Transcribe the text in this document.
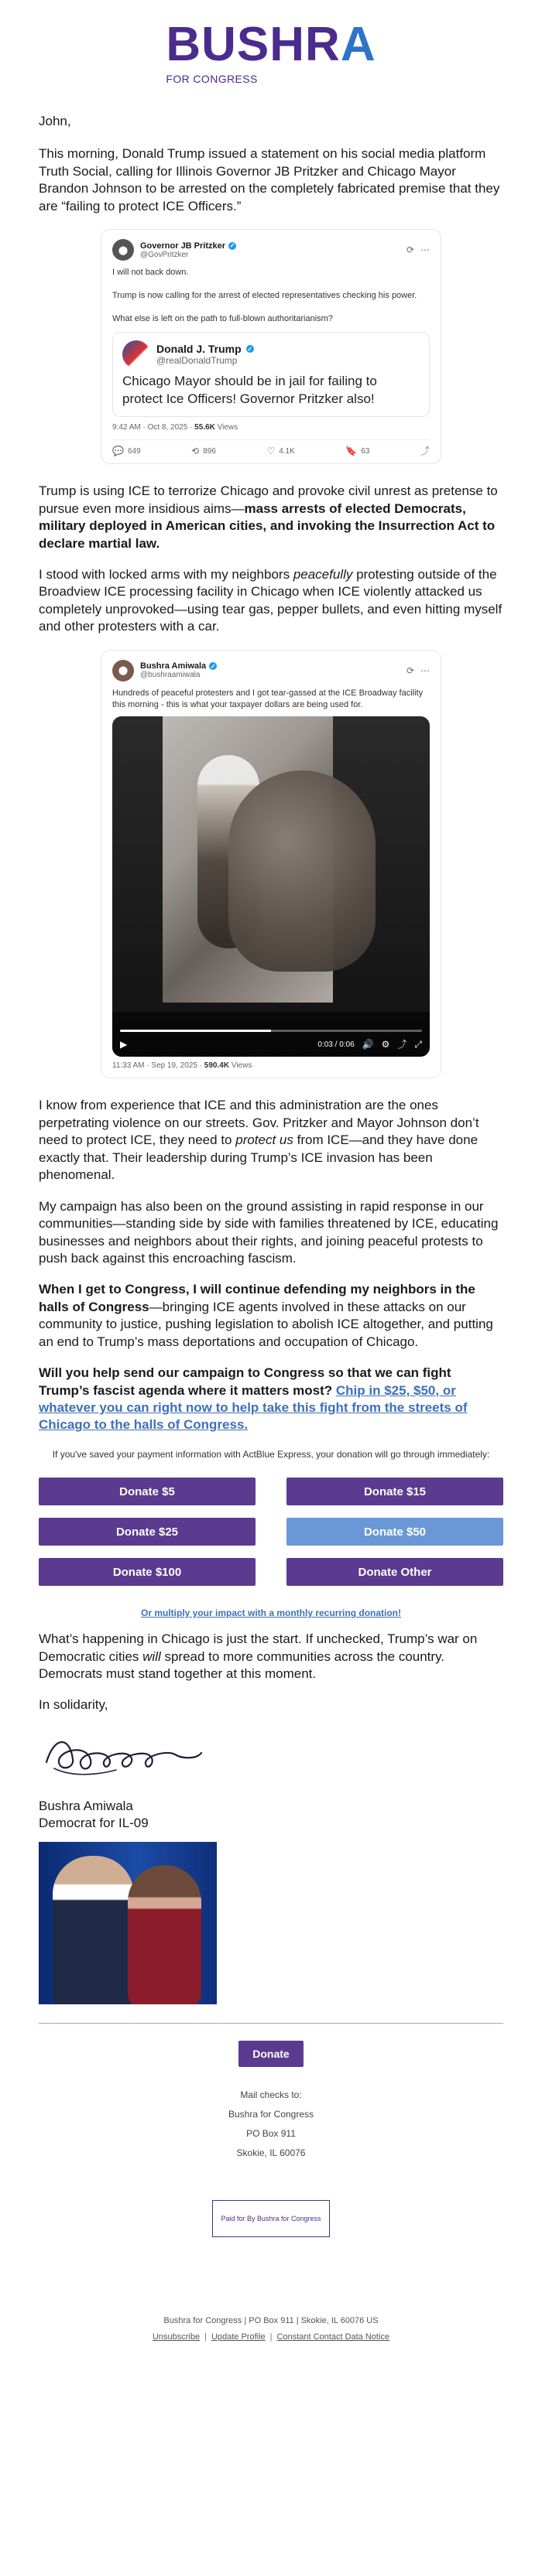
BUSHRA
FOR CONGRESS

John,

This morning, Donald Trump issued a statement on his social media platform Truth Social, calling for Illinois Governor JB Pritzker and Chicago Mayor Brandon Johnson to be arrested on the completely fabricated premise that they are “failing to protect ICE Officers.”

⬤	Governor JB Pritzker ✓
@GovPritzker	⟳ ⋯
I will not back down.

Trump is now calling for the arrest of elected representatives checking his power.

What else is left on the path to full-blown authoritarianism?
Donald J. Trump ✓
@realDonaldTrump
Chicago Mayor should be in jail for failing to protect Ice Officers! Governor Pritzker also!
9:42 AM · Oct 8, 2025 · 55.6K Views
💬 649	⟲ 896	♡ 4.1K	🔖 63	⤴

Trump is using ICE to terrorize Chicago and provoke civil unrest as pretense to pursue even more insidious aims—mass arrests of elected Democrats, military deployed in American cities, and invoking the Insurrection Act to declare martial law.

I stood with locked arms with my neighbors peacefully protesting outside of the Broadview ICE processing facility in Chicago when ICE violently attacked us completely unprovoked—using tear gas, pepper bullets, and even hitting myself and other protesters with a car.

⬤	Bushra Amiwala ✓
@bushraamiwala	⟳ ⋯
Hundreds of peaceful protesters and I got tear-gassed at the ICE Broadway facility this morning - this is what your taxpayer dollars are being used for.
▶	0:03 / 0:06 🔊 ⚙ ⤴ ⤢
11:33 AM · Sep 19, 2025 · 590.4K Views

I know from experience that ICE and this administration are the ones perpetrating violence on our streets. Gov. Pritzker and Mayor Johnson don’t need to protect ICE, they need to protect us from ICE—and they have done exactly that. Their leadership during Trump’s ICE invasion has been phenomenal.

My campaign has also been on the ground assisting in rapid response in our communities—standing side by side with families threatened by ICE, educating businesses and neighbors about their rights, and joining peaceful protests to push back against this encroaching fascism.

When I get to Congress, I will continue defending my neighbors in the halls of Congress—bringing ICE agents involved in these attacks on our community to justice, pushing legislation to abolish ICE altogether, and putting an end to Trump’s mass deportations and occupation of Chicago.

Will you help send our campaign to Congress so that we can fight Trump’s fascist agenda where it matters most? Chip in $25, $50, or whatever you can right now to help take this fight from the streets of Chicago to the halls of Congress.

If you've saved your payment information with ActBlue Express, your donation will go through immediately:
Donate $5	Donate $15
Donate $25	Donate $50
Donate $100	Donate Other
Or multiply your impact with a monthly recurring donation!

What’s happening in Chicago is just the start. If unchecked, Trump’s war on Democratic cities will spread to more communities across the country. Democrats must stand together at this moment.

In solidarity,

Bushra Amiwala
Democrat for IL-09
Donate
Mail checks to:
Bushra for Congress
PO Box 911
Skokie, IL 60076
Paid for By Bushra for Congress
Bushra for Congress | PO Box 911 | Skokie, IL 60076 US
Unsubscribe | Update Profile | Constant Contact Data Notice
